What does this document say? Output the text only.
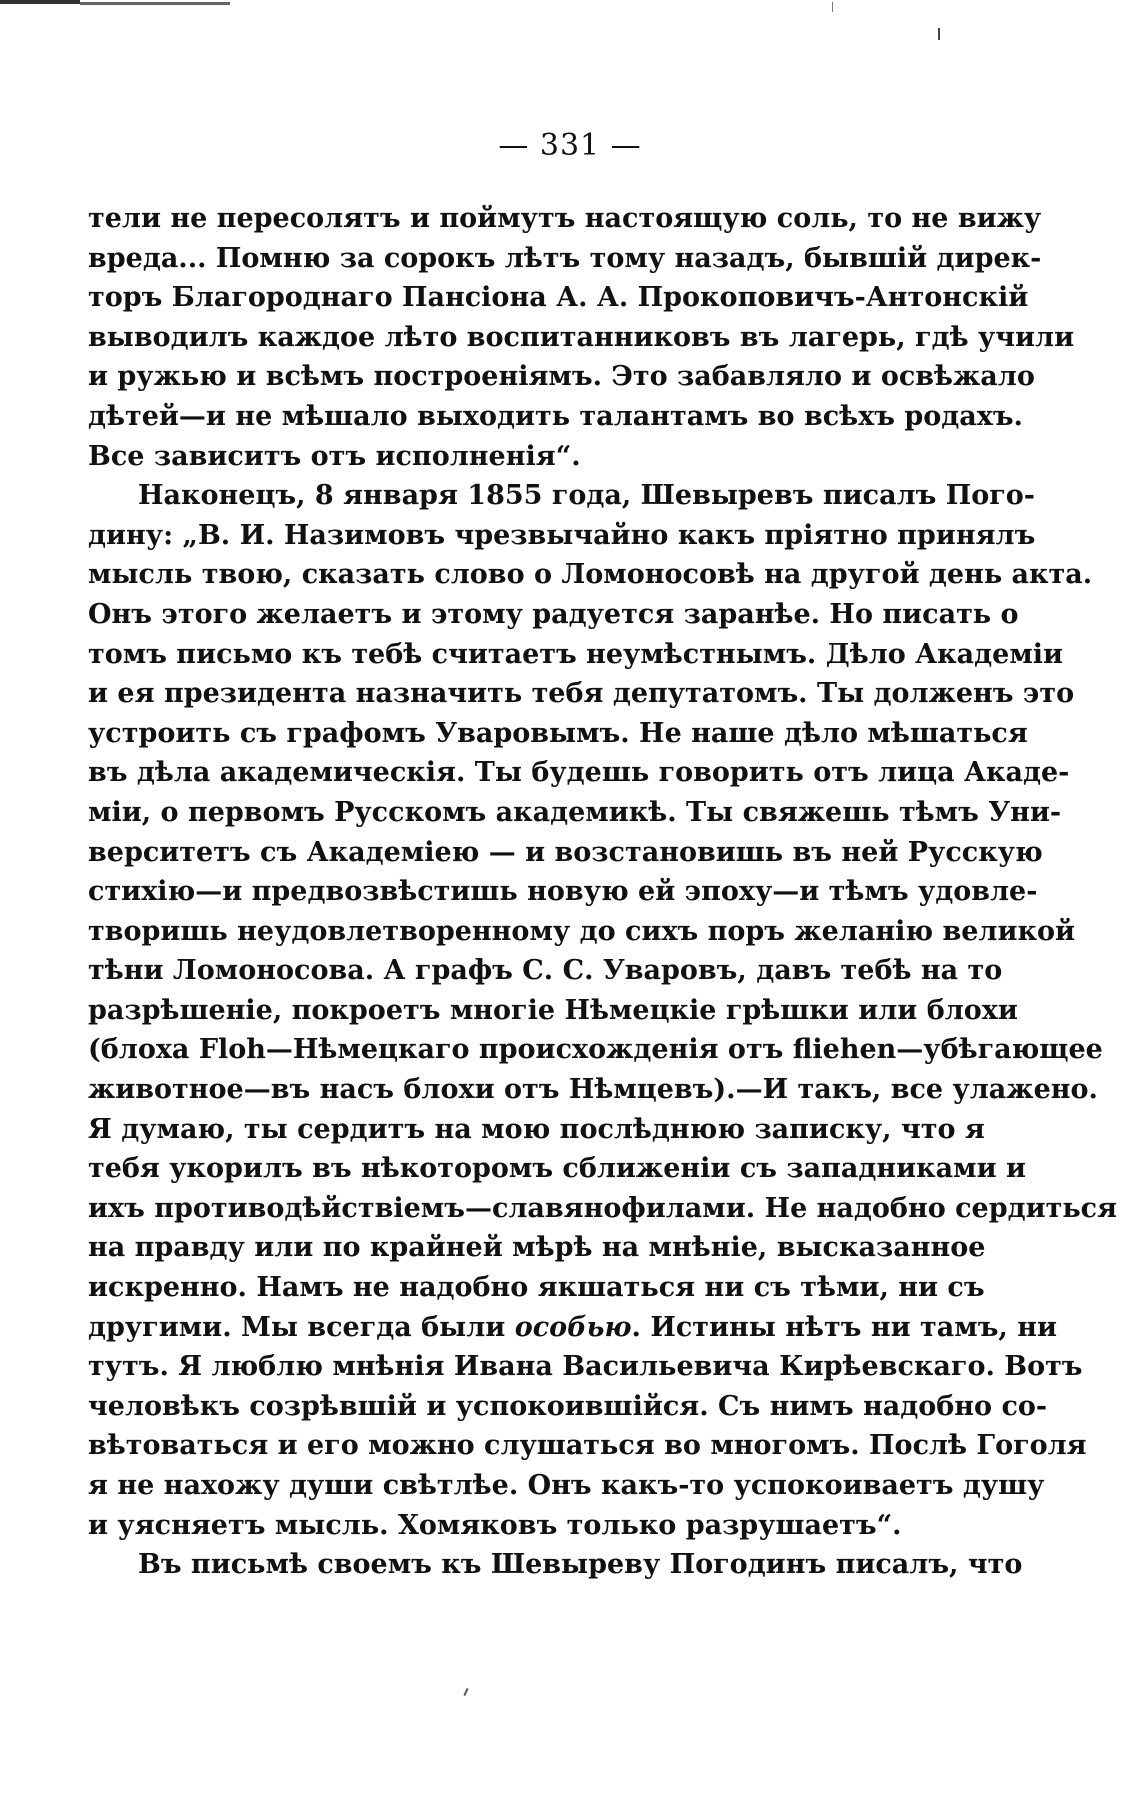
— 331 —
тели не пересолятъ и поймутъ настоящую соль, то не вижу
вреда... Помню за сорокъ лѣтъ тому назадъ, бывшій дирек-
торъ Благороднаго Пансіона А. А. Прокоповичъ-Антонскій
выводилъ каждое лѣто воспитанниковъ въ лагерь, гдѣ учили
и ружью и всѣмъ построеніямъ. Это забавляло и освѣжало
дѣтей—и не мѣшало выходить талантамъ во всѣхъ родахъ.
Все зависитъ отъ исполненія“.
Наконецъ, 8 января 1855 года, Шевыревъ писалъ Пого-
дину: „В. И. Назимовъ чрезвычайно какъ пріятно принялъ
мысль твою, сказать слово о Ломоносовѣ на другой день акта.
Онъ этого желаетъ и этому радуется заранѣе. Но писать о
томъ письмо къ тебѣ считаетъ неумѣстнымъ. Дѣло Академіи
и ея президента назначить тебя депутатомъ. Ты долженъ это
устроить съ графомъ Уваровымъ. Не наше дѣло мѣшаться
въ дѣла академическія. Ты будешь говорить отъ лица Акаде-
міи, о первомъ Русскомъ академикѣ. Ты свяжешь тѣмъ Уни-
верситетъ съ Академіею — и возстановишь въ ней Русскую
стихію—и предвозвѣстишь новую ей эпоху—и тѣмъ удовле-
творишь неудовлетворенному до сихъ поръ желанію великой
тѣни Ломоносова. А графъ С. С. Уваровъ, давъ тебѣ на то
разрѣшеніе, покроетъ многіе Нѣмецкіе грѣшки или блохи
(блоха Floh—Нѣмецкаго происхожденія отъ fliehen—убѣгающее
животное—въ насъ блохи отъ Нѣмцевъ).—И такъ, все улажено.
Я думаю, ты сердитъ на мою послѣднюю записку, что я
тебя укорилъ въ нѣкоторомъ сближеніи съ западниками и
ихъ противодѣйствіемъ—славянофилами. Не надобно сердиться
на правду или по крайней мѣрѣ на мнѣніе, высказанное
искренно. Намъ не надобно якшаться ни съ тѣми, ни съ
другими. Мы всегда были особью. Истины нѣтъ ни тамъ, ни
тутъ. Я люблю мнѣнія Ивана Васильевича Кирѣевскаго. Вотъ
человѣкъ созрѣвшій и успокоившійся. Съ нимъ надобно со-
вѣтоваться и его можно слушаться во многомъ. Послѣ Гоголя
я не нахожу души свѣтлѣе. Онъ какъ-то успокоиваетъ душу
и уясняетъ мысль. Хомяковъ только разрушаетъ“.
Въ письмѣ своемъ къ Шевыреву Погодинъ писалъ, что
